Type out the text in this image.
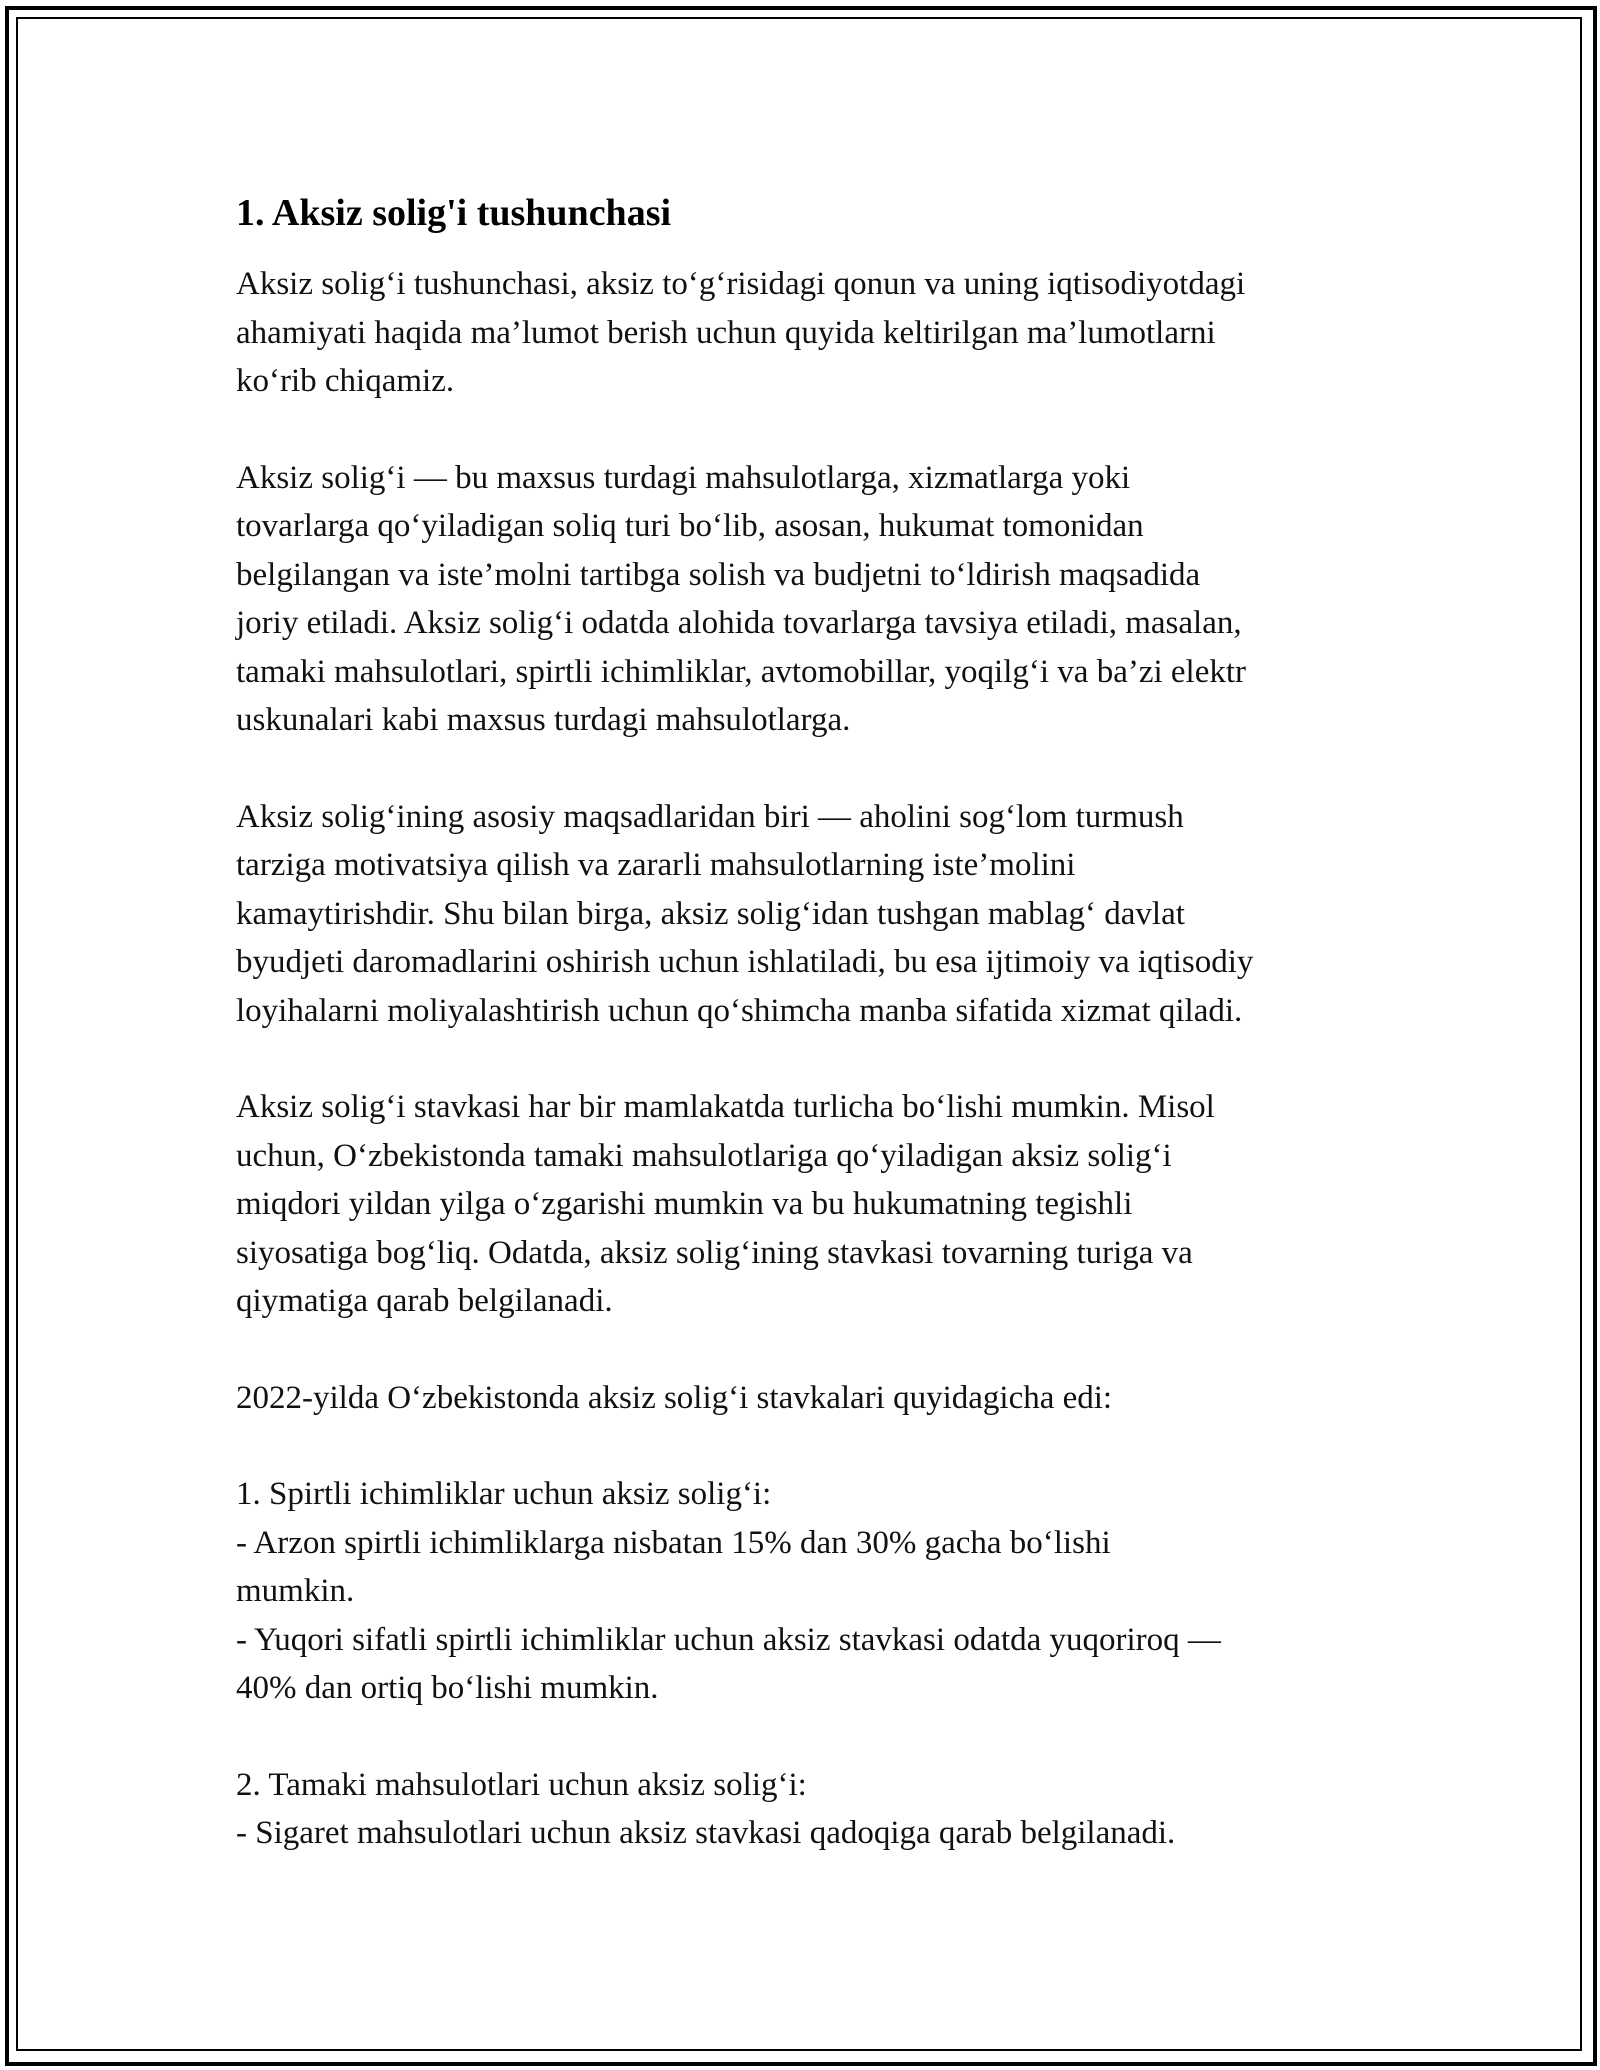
1. Aksiz solig'i tushunchasi

Aksiz solig‘i tushunchasi, aksiz to‘g‘risidagi qonun va uning iqtisodiyotdagi
ahamiyati haqida ma’lumot berish uchun quyida keltirilgan ma’lumotlarni
ko‘rib chiqamiz.

Aksiz solig‘i — bu maxsus turdagi mahsulotlarga, xizmatlarga yoki
tovarlarga qo‘yiladigan soliq turi bo‘lib, asosan, hukumat tomonidan
belgilangan va iste’molni tartibga solish va budjetni to‘ldirish maqsadida
joriy etiladi. Aksiz solig‘i odatda alohida tovarlarga tavsiya etiladi, masalan,
tamaki mahsulotlari, spirtli ichimliklar, avtomobillar, yoqilg‘i va ba’zi elektr
uskunalari kabi maxsus turdagi mahsulotlarga.

Aksiz solig‘ining asosiy maqsadlaridan biri — aholini sog‘lom turmush
tarziga motivatsiya qilish va zararli mahsulotlarning iste’molini
kamaytirishdir. Shu bilan birga, aksiz solig‘idan tushgan mablag‘ davlat
byudjeti daromadlarini oshirish uchun ishlatiladi, bu esa ijtimoiy va iqtisodiy
loyihalarni moliyalashtirish uchun qo‘shimcha manba sifatida xizmat qiladi.

Aksiz solig‘i stavkasi har bir mamlakatda turlicha bo‘lishi mumkin. Misol
uchun, O‘zbekistonda tamaki mahsulotlariga qo‘yiladigan aksiz solig‘i
miqdori yildan yilga o‘zgarishi mumkin va bu hukumatning tegishli
siyosatiga bog‘liq. Odatda, aksiz solig‘ining stavkasi tovarning turiga va
qiymatiga qarab belgilanadi.

2022-yilda O‘zbekistonda aksiz solig‘i stavkalari quyidagicha edi:

1. Spirtli ichimliklar uchun aksiz solig‘i:
- Arzon spirtli ichimliklarga nisbatan 15% dan 30% gacha bo‘lishi
mumkin.
- Yuqori sifatli spirtli ichimliklar uchun aksiz stavkasi odatda yuqoriroq —
40% dan ortiq bo‘lishi mumkin.
2. Tamaki mahsulotlari uchun aksiz solig‘i:
- Sigaret mahsulotlari uchun aksiz stavkasi qadoqiga qarab belgilanadi.
